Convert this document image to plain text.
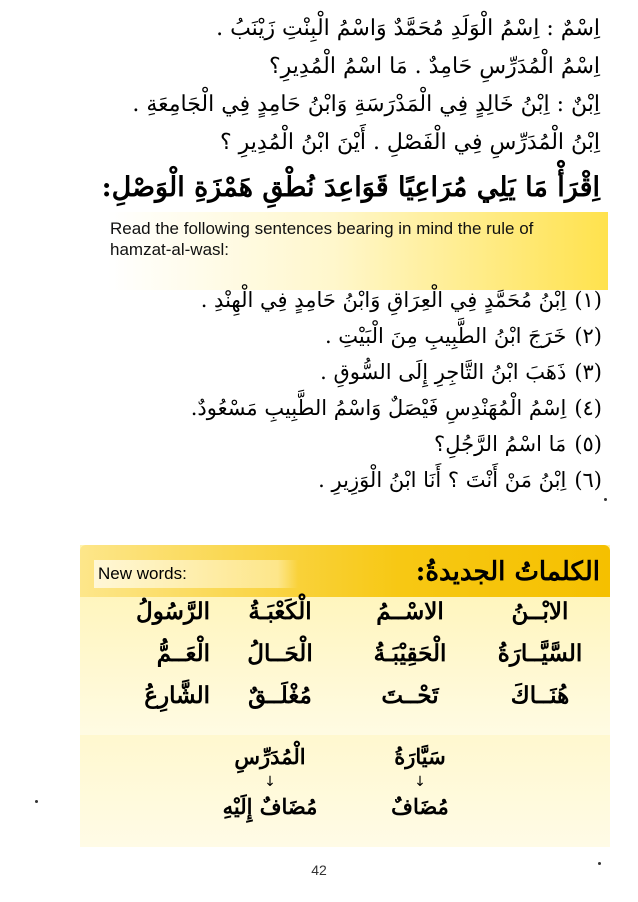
اِسْمٌ : اِسْمُ الْوَلَدِ مُحَمَّدٌ وَاسْمُ الْبِنْتِ زَيْنَبُ .
اِسْمُ الْمُدَرِّسِ حَامِدٌ . مَا اسْمُ الْمُدِيرِ؟
اِبْنٌ : اِبْنُ خَالِدٍ فِي الْمَدْرَسَةِ وَابْنُ حَامِدٍ فِي الْجَامِعَةِ .
اِبْنُ الْمُدَرِّسِ فِي الْفَصْلِ . أَيْنَ ابْنُ الْمُدِيرِ ؟
اِقْرَأْ مَا يَلِي مُرَاعِيًا قَوَاعِدَ نُطْقِ هَمْزَةِ الْوَصْلِ:
Read the following sentences bearing in mind the rule of
hamzat-al-wasl:
(١)اِبْنُ مُحَمَّدٍ فِي الْعِرَاقِ وَابْنُ حَامِدٍ فِي الْهِنْدِ .
(٢)خَرَجَ ابْنُ الطَّبِيبِ مِنَ الْبَيْتِ .
(٣)ذَهَبَ ابْنُ التَّاجِرِ إِلَى السُّوقِ .
(٤)اِسْمُ الْمُهَنْدِسِ فَيْصَلٌ وَاسْمُ الطَّبِيبِ مَسْعُودٌ.
(٥)مَا اسْمُ الرَّجُلِ؟
(٦)اِبْنُ مَنْ أَنْتَ ؟ أَنَا ابْنُ الْوَزِيرِ .
New words:	الكلماتُ الجديدةُ:
الرَّسُولُ	الْكَعْبَـةُ	الاسْــمُ	الابْــنُ
الْعَــمُّ	الْحَــالُ	الْحَقِيْبَـةُ	السَّيَّــارَةُ
الشَّارِعُ	مُغْلَــقٌ	تَحْــتَ	هُنَــاكَ
سَيَّارَةُ
↓
مُضَافٌ
الْمُدَرِّسِ
↓
مُضَافٌ إِلَيْهِ
42
